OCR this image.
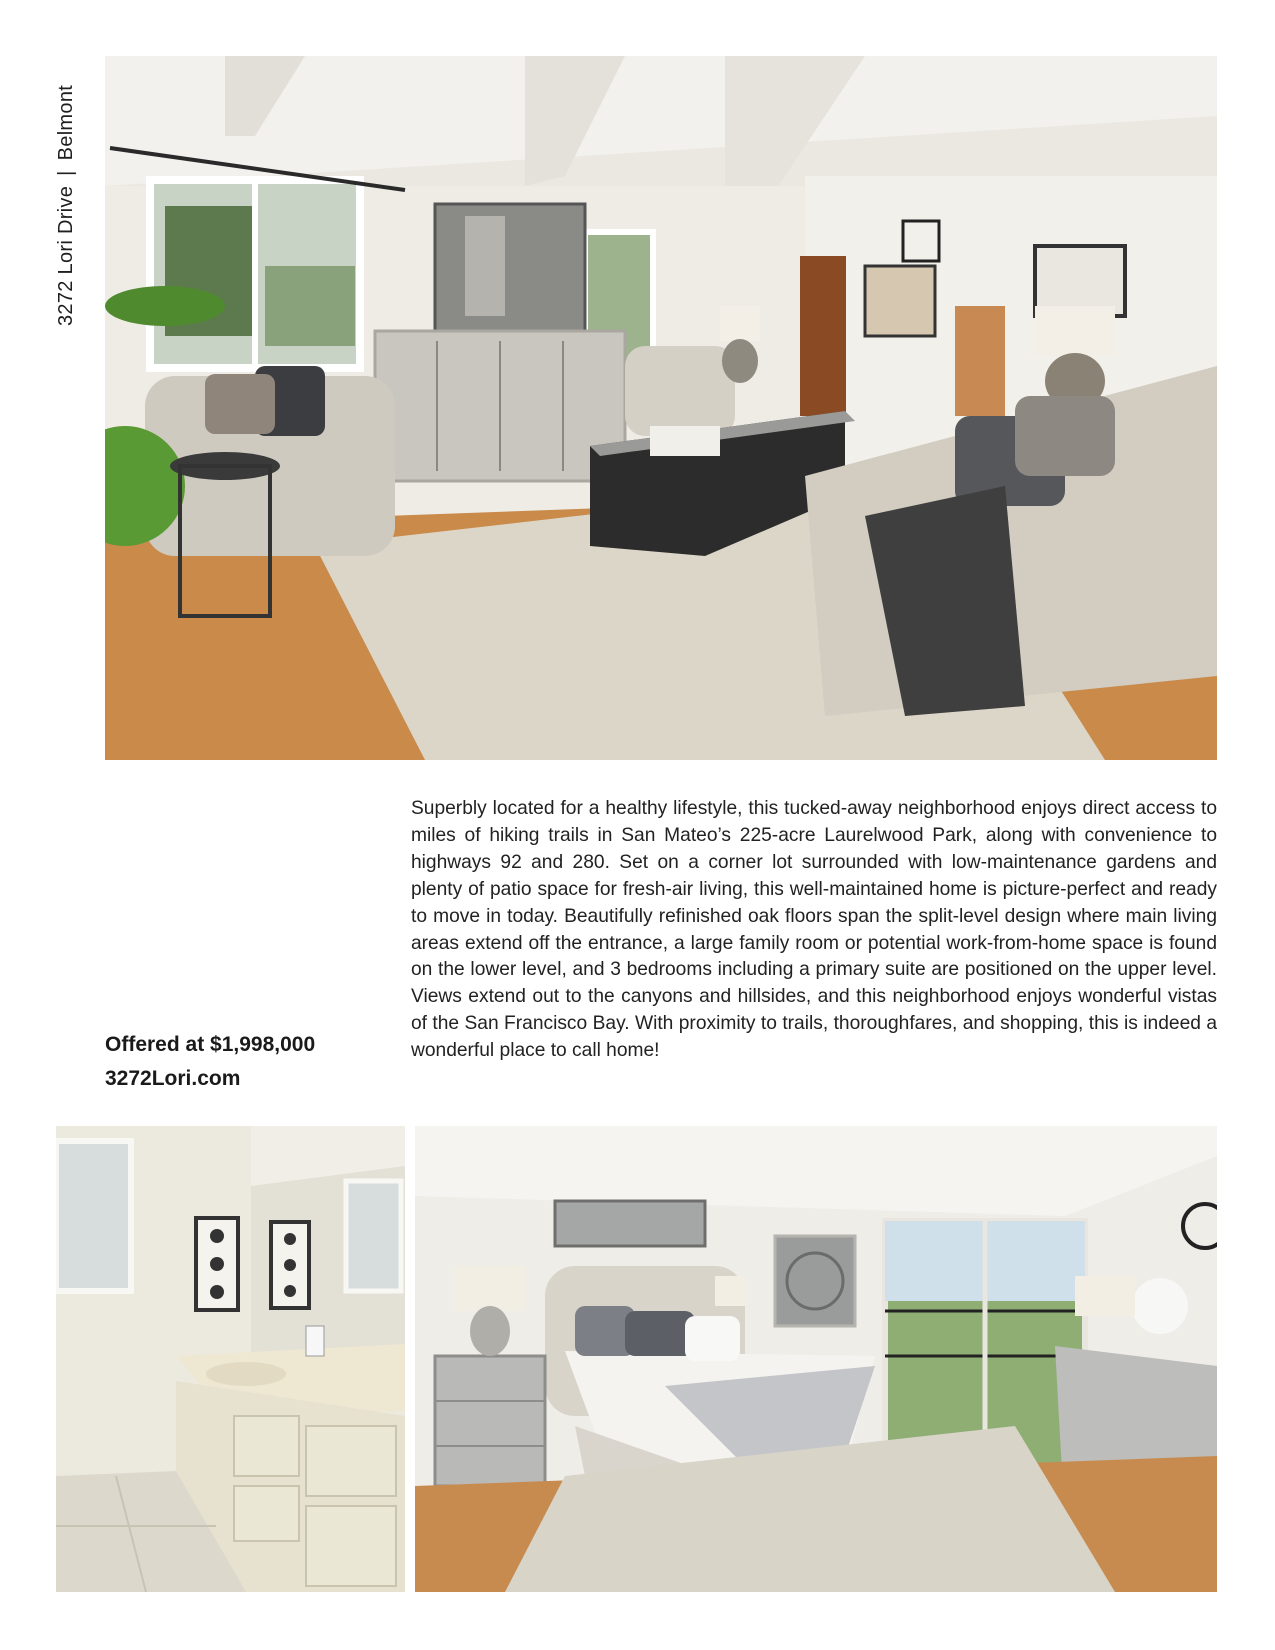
3272 Lori Drive|Belmont

Superbly located for a healthy lifestyle, this tucked-away neighborhood enjoys direct access to miles of hiking trails in San Mateo’s 225-acre Laurelwood Park, along with convenience to highways 92 and 280. Set on a corner lot surrounded with low-maintenance gardens and plenty of patio space for fresh-air living, this well-maintained home is picture-perfect and ready to move in today. Beautifully refinished oak floors span the split-level design where main living areas extend off the entrance, a large family room or potential work-from-home space is found on the lower level, and 3 bedrooms including a primary suite are positioned on the upper level. Views extend out to the canyons and hillsides, and this neighborhood enjoys wonderful vistas of the San Francisco Bay. With proximity to trails, thoroughfares, and shopping, this is indeed a wonderful place to call home!

Offered at $1,998,000
3272Lori.com
